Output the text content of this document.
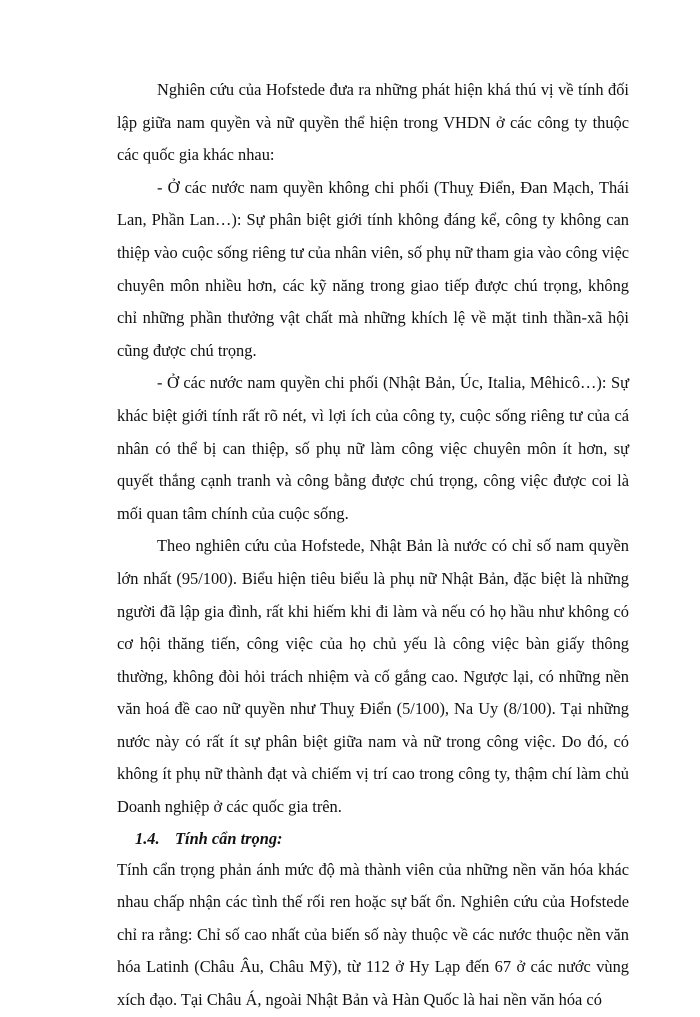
Nghiên cứu của Hofstede đưa ra những phát hiện khá thú vị về tính đối lập giữa nam quyền và nữ quyền thể hiện trong VHDN ở các công ty thuộc các quốc gia khác nhau:

- Ở các nước nam quyền không chi phối (Thuỵ Điển, Đan Mạch, Thái Lan, Phần Lan…): Sự phân biệt giới tính không đáng kể, công ty không can thiệp vào cuộc sống riêng tư của nhân viên, số phụ nữ tham gia vào công việc chuyên môn nhiều hơn, các kỹ năng trong giao tiếp được chú trọng, không chỉ những phần thưởng vật chất mà những khích lệ về mặt tinh thần-xã hội cũng được chú trọng.

- Ở các nước nam quyền chi phối (Nhật Bản, Úc, Italia, Mêhicô…): Sự khác biệt giới tính rất rõ nét, vì lợi ích của công ty, cuộc sống riêng tư của cá nhân có thể bị can thiệp, số phụ nữ làm công việc chuyên môn ít hơn, sự quyết thắng cạnh tranh và công bằng được chú trọng, công việc được coi là mối quan tâm chính của cuộc sống.

Theo nghiên cứu của Hofstede, Nhật Bản là nước có chỉ số nam quyền lớn nhất (95/100). Biểu hiện tiêu biểu là phụ nữ Nhật Bản, đặc biệt là những người đã lập gia đình, rất khi hiếm khi đi làm và nếu có họ hầu như không có cơ hội thăng tiến, công việc của họ chủ yếu là công việc bàn giấy thông thường, không đòi hỏi trách nhiệm và cố gắng cao. Ngược lại, có những nền văn hoá đề cao nữ quyền như Thuỵ Điển (5/100), Na Uy (8/100). Tại những nước này có rất ít sự phân biệt giữa nam và nữ trong công việc. Do đó, có không ít phụ nữ thành đạt và chiếm vị trí cao trong công ty, thậm chí làm chủ Doanh nghiệp ở các quốc gia trên.

1.4. Tính cẩn trọng:

Tính cẩn trọng phản ánh mức độ mà thành viên của những nền văn hóa khác nhau chấp nhận các tình thế rối ren hoặc sự bất ổn. Nghiên cứu của Hofstede chỉ ra rằng: Chỉ số cao nhất của biến số này thuộc về các nước thuộc nền văn hóa Latinh (Châu Âu, Châu Mỹ), từ 112 ở Hy Lạp đến 67 ở các nước vùng xích đạo. Tại Châu Á, ngoài Nhật Bản và Hàn Quốc là hai nền văn hóa có
